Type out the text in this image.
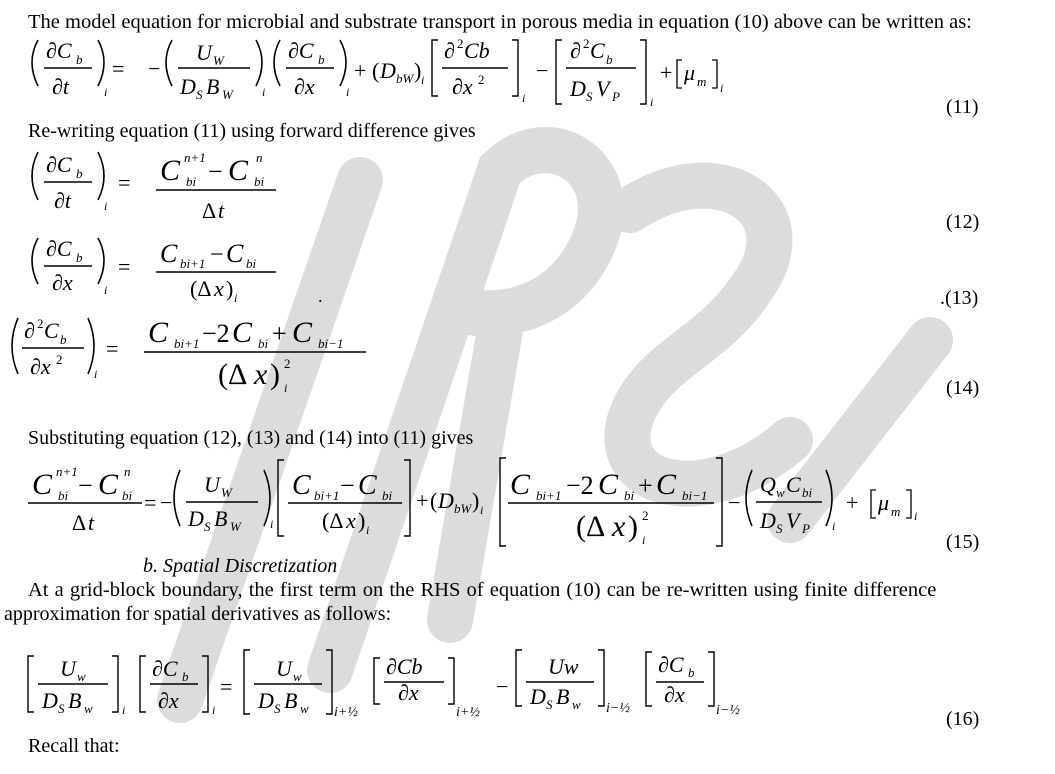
The model equation for microbial and substrate transport in porous media in equation (10) above can be written as:
Re-writing equation (11) using forward difference gives
Substituting equation (12), (13) and (14) into (11) gives
b. Spatial Discretization
At a grid-block boundary, the first term on the RHS of equation (10) can be re-written using finite difference
approximation for spatial derivatives as follows:
Recall that:
(11)
(12)
.(13)
(14)
(15)
(16)
∂C b
∂t	i
= −
U W
D S B W i
∂C b
∂x	i
+ ( D bW ) i
∂ 2 Cb
∂x 2
i
−
∂ 2 C b
D S V P	i
+ μ m i
∂C b
∂t	i
= C n+1
bi − C n
bi
Δ t
∂C b
∂x	i
= C bi+1 − C bi
(Δ x ) i	.
∂ 2 C b
∂x 2
i
= C bi+1 −2 C bi + C bi−1
(Δ x ) 2
i
C n+1
bi − C n
bi
Δ t
= −
U W
D S B W i
C bi+1 − C bi
(Δ x ) i
+ ( D bW ) i
C bi+1 −2 C bi + C bi−1
(Δ x ) 2
i
−
Q w C bi
D S V P i
+ μ m i
U w
D S B w i
∂C b
∂x	i
=
U w
D S B w i+½
∂Cb
∂x
i+½
−
Uw
D S B w i−½
∂C b
∂x
i−½
